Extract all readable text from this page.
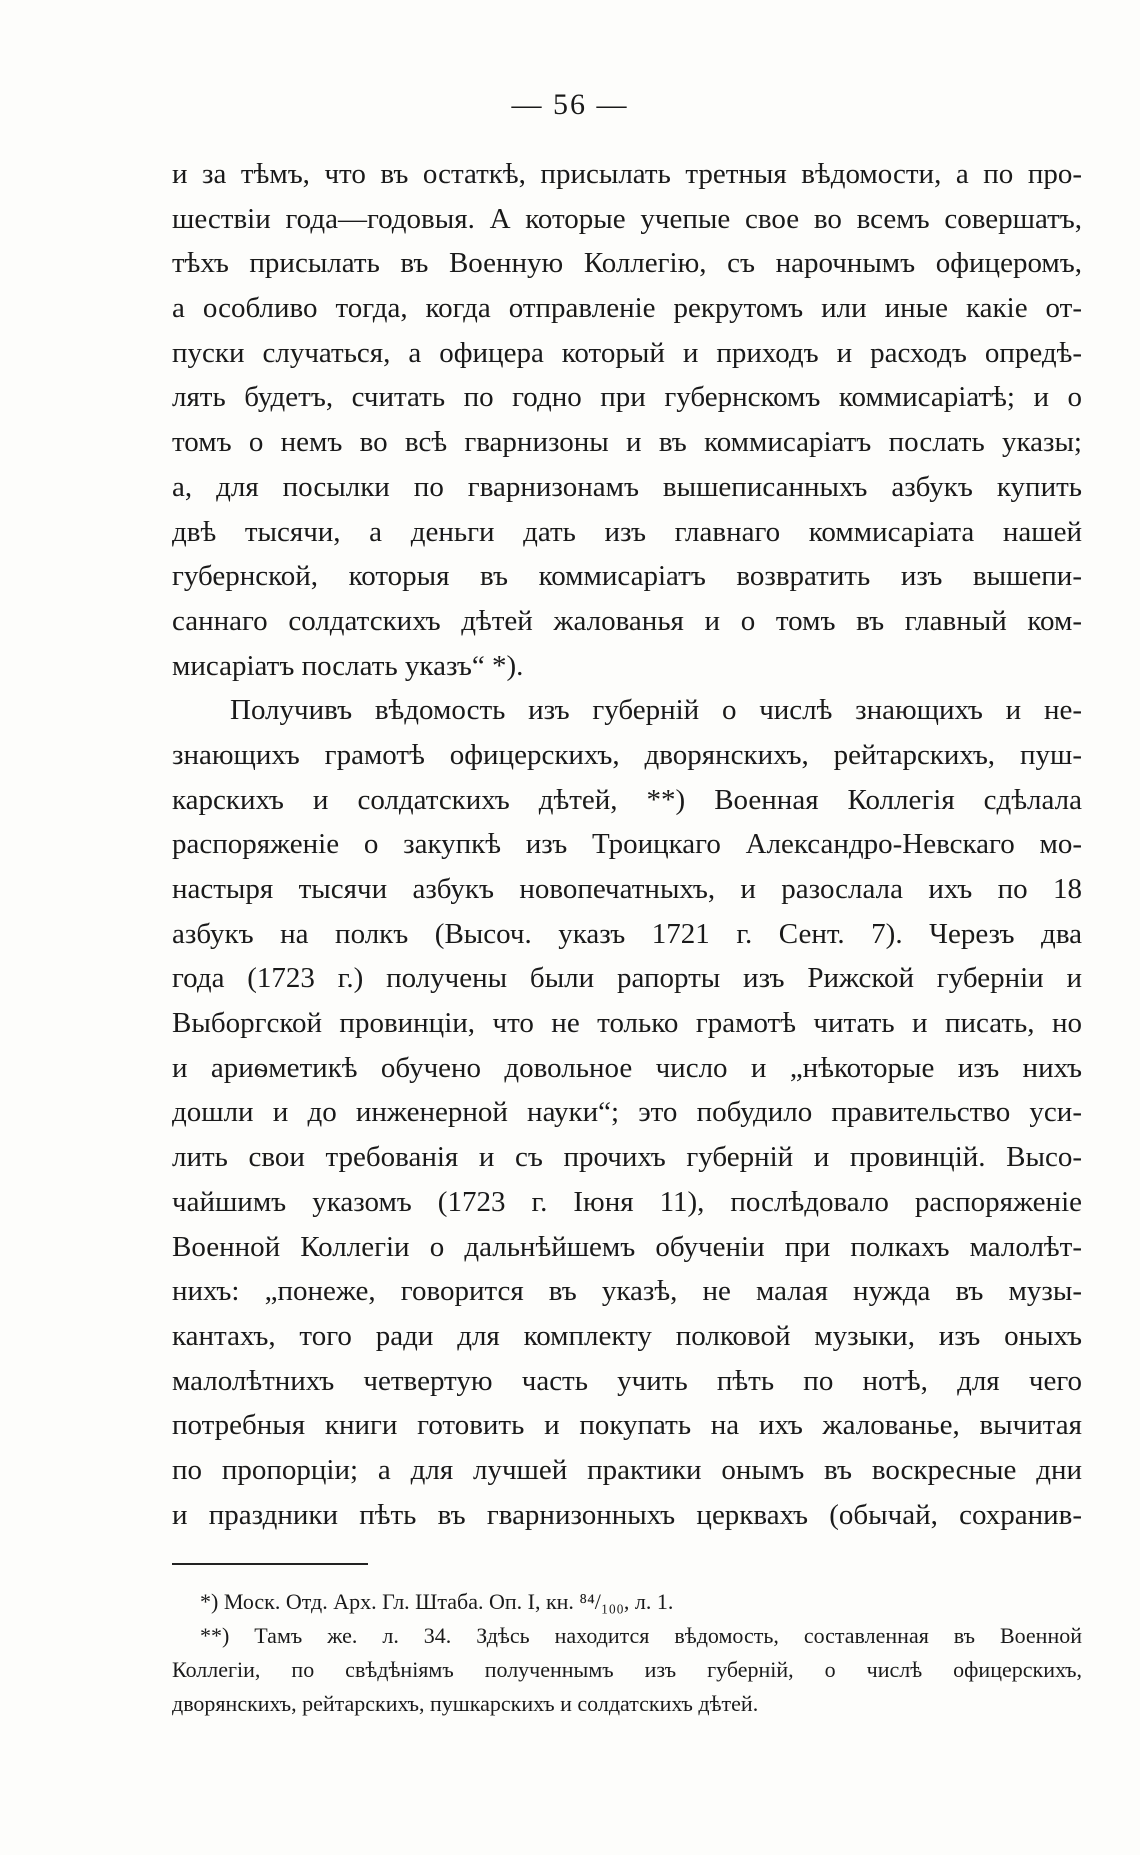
— 56 —
и за тѣмъ, что въ остаткѣ, присылать третныя вѣдомости, а по про-
шествіи года—годовыя. А которые учепые свое во всемъ совершатъ,
тѣхъ присылать въ Военную Коллегію, съ нарочнымъ офицеромъ,
а особливо тогда, когда отправленіе рекрутомъ или иные какіе от-
пуски случаться, а офицера который и приходъ и расходъ опредѣ-
лять будетъ, считать по годно при губернскомъ коммисаріатѣ; и о
томъ о немъ во всѣ гварнизоны и въ коммисаріатъ послать указы;
а, для посылки по гварнизонамъ вышеписанныхъ азбукъ купить
двѣ тысячи, а деньги дать изъ главнаго коммисаріата нашей
губернской, которыя въ коммисаріатъ возвратить изъ вышепи-
саннаго солдатскихъ дѣтей жалованья и о томъ въ главный ком-
мисаріатъ послать указъ“ *).
Получивъ вѣдомость изъ губерній о числѣ знающихъ и не-
знающихъ грамотѣ офицерскихъ, дворянскихъ, рейтарскихъ, пуш-
карскихъ и солдатскихъ дѣтей, **) Военная Коллегія сдѣлала
распоряженіе о закупкѣ изъ Троицкаго Александро-Невскаго мо-
настыря тысячи азбукъ новопечатныхъ, и разослала ихъ по 18
азбукъ на полкъ (Высоч. указъ 1721 г. Сент. 7). Черезъ два
года (1723 г.) получены были рапорты изъ Рижской губерніи и
Выборгской провинціи, что не только грамотѣ читать и писать, но
и ариѳметикѣ обучено довольное число и „нѣкоторые изъ нихъ
дошли и до инженерной науки“; это побудило правительство уси-
лить свои требованія и съ прочихъ губерній и провинцій. Высо-
чайшимъ указомъ (1723 г. Іюня 11), послѣдовало распоряженіе
Военной Коллегіи о дальнѣйшемъ обученіи при полкахъ малолѣт-
нихъ: „понеже, говорится въ указѣ, не малая нужда въ музы-
кантахъ, того ради для комплекту полковой музыки, изъ оныхъ
малолѣтнихъ четвертую часть учить пѣть по нотѣ, для чего
потребныя книги готовить и покупать на ихъ жалованье, вычитая
по пропорціи; а для лучшей практики онымъ въ воскресные дни
и праздники пѣть въ гварнизонныхъ церквахъ (обычай, сохранив-
*) Моск. Отд. Арх. Гл. Штаба. Оп. I, кн. ⁸⁴/₁₀₀, л. 1.
**) Тамъ же. л. 34. Здѣсь находится вѣдомость, составленная въ Военной
Коллегіи, по свѣдѣніямъ полученнымъ изъ губерній, о числѣ офицерскихъ,
дворянскихъ, рейтарскихъ, пушкарскихъ и солдатскихъ дѣтей.
